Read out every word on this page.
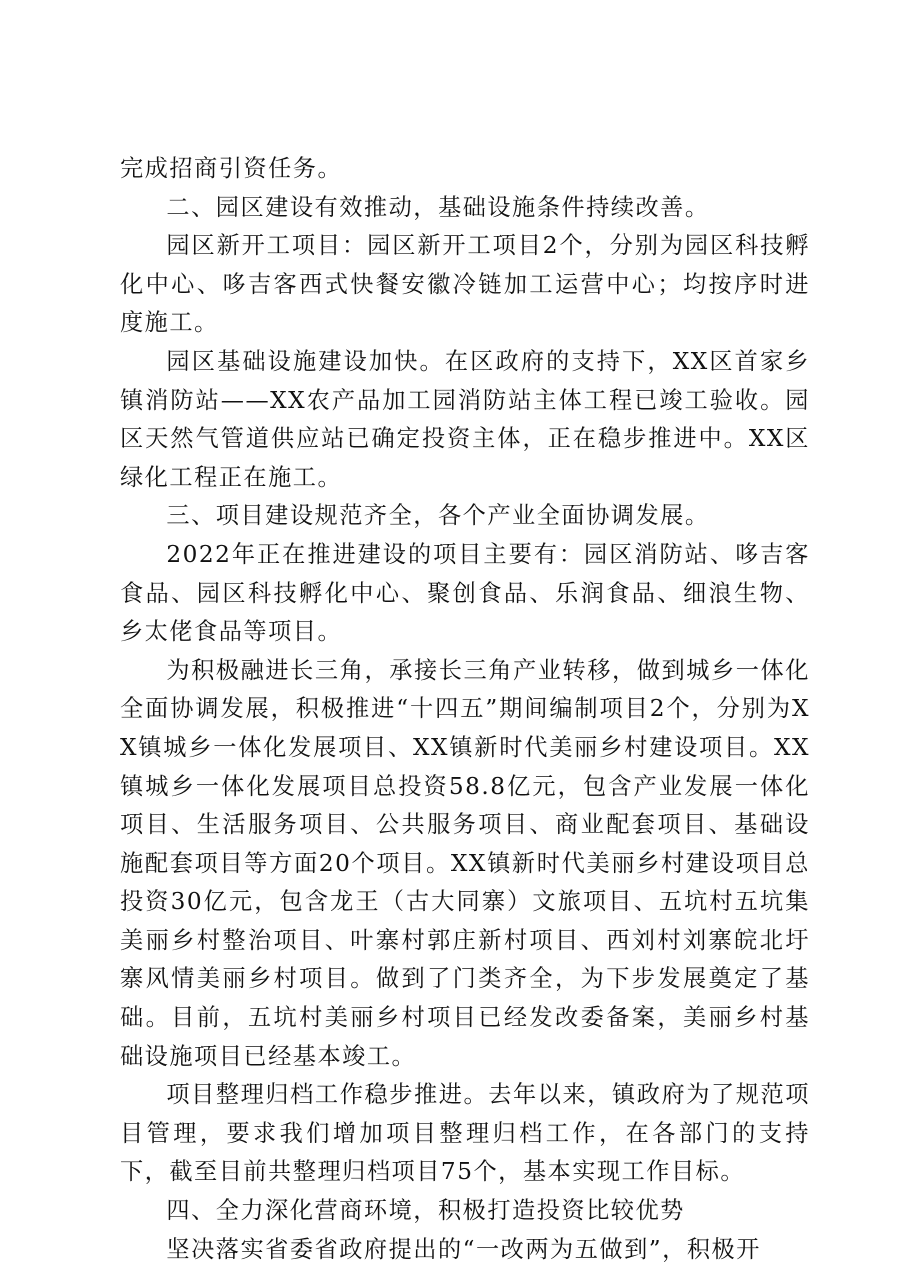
完成招商引资任务。

二、园区建设有效推动，基础设施条件持续改善。

园区新开工项目：园区新开工项目2个，分别为园区科技孵化中心、哆吉客西式快餐安徽冷链加工运营中心；均按序时进度施工。

园区基础设施建设加快。在区政府的支持下，XX区首家乡镇消防站——XX农产品加工园消防站主体工程已竣工验收。园区天然气管道供应站已确定投资主体，正在稳步推进中。XX区绿化工程正在施工。

三、项目建设规范齐全，各个产业全面协调发展。

2022年正在推进建设的项目主要有：园区消防站、哆吉客食品、园区科技孵化中心、聚创食品、乐润食品、细浪生物、乡太佬食品等项目。

为积极融进长三角，承接长三角产业转移，做到城乡一体化全面协调发展，积极推进“十四五”期间编制项目2个，分别为XX镇城乡一体化发展项目、XX镇新时代美丽乡村建设项目。XX镇城乡一体化发展项目总投资58.8亿元，包含产业发展一体化项目、生活服务项目、公共服务项目、商业配套项目、基础设施配套项目等方面20个项目。XX镇新时代美丽乡村建设项目总投资30亿元，包含龙王（古大同寨）文旅项目、五坑村五坑集美丽乡村整治项目、叶寨村郭庄新村项目、西刘村刘寨皖北圩寨风情美丽乡村项目。做到了门类齐全，为下步发展奠定了基础。目前，五坑村美丽乡村项目已经发改委备案，美丽乡村基础设施项目已经基本竣工。

项目整理归档工作稳步推进。去年以来，镇政府为了规范项目管理，要求我们增加项目整理归档工作，在各部门的支持下，截至目前共整理归档项目75个，基本实现工作目标。

四、全力深化营商环境，积极打造投资比较优势

坚决落实省委省政府提出的“一改两为五做到”，积极开
